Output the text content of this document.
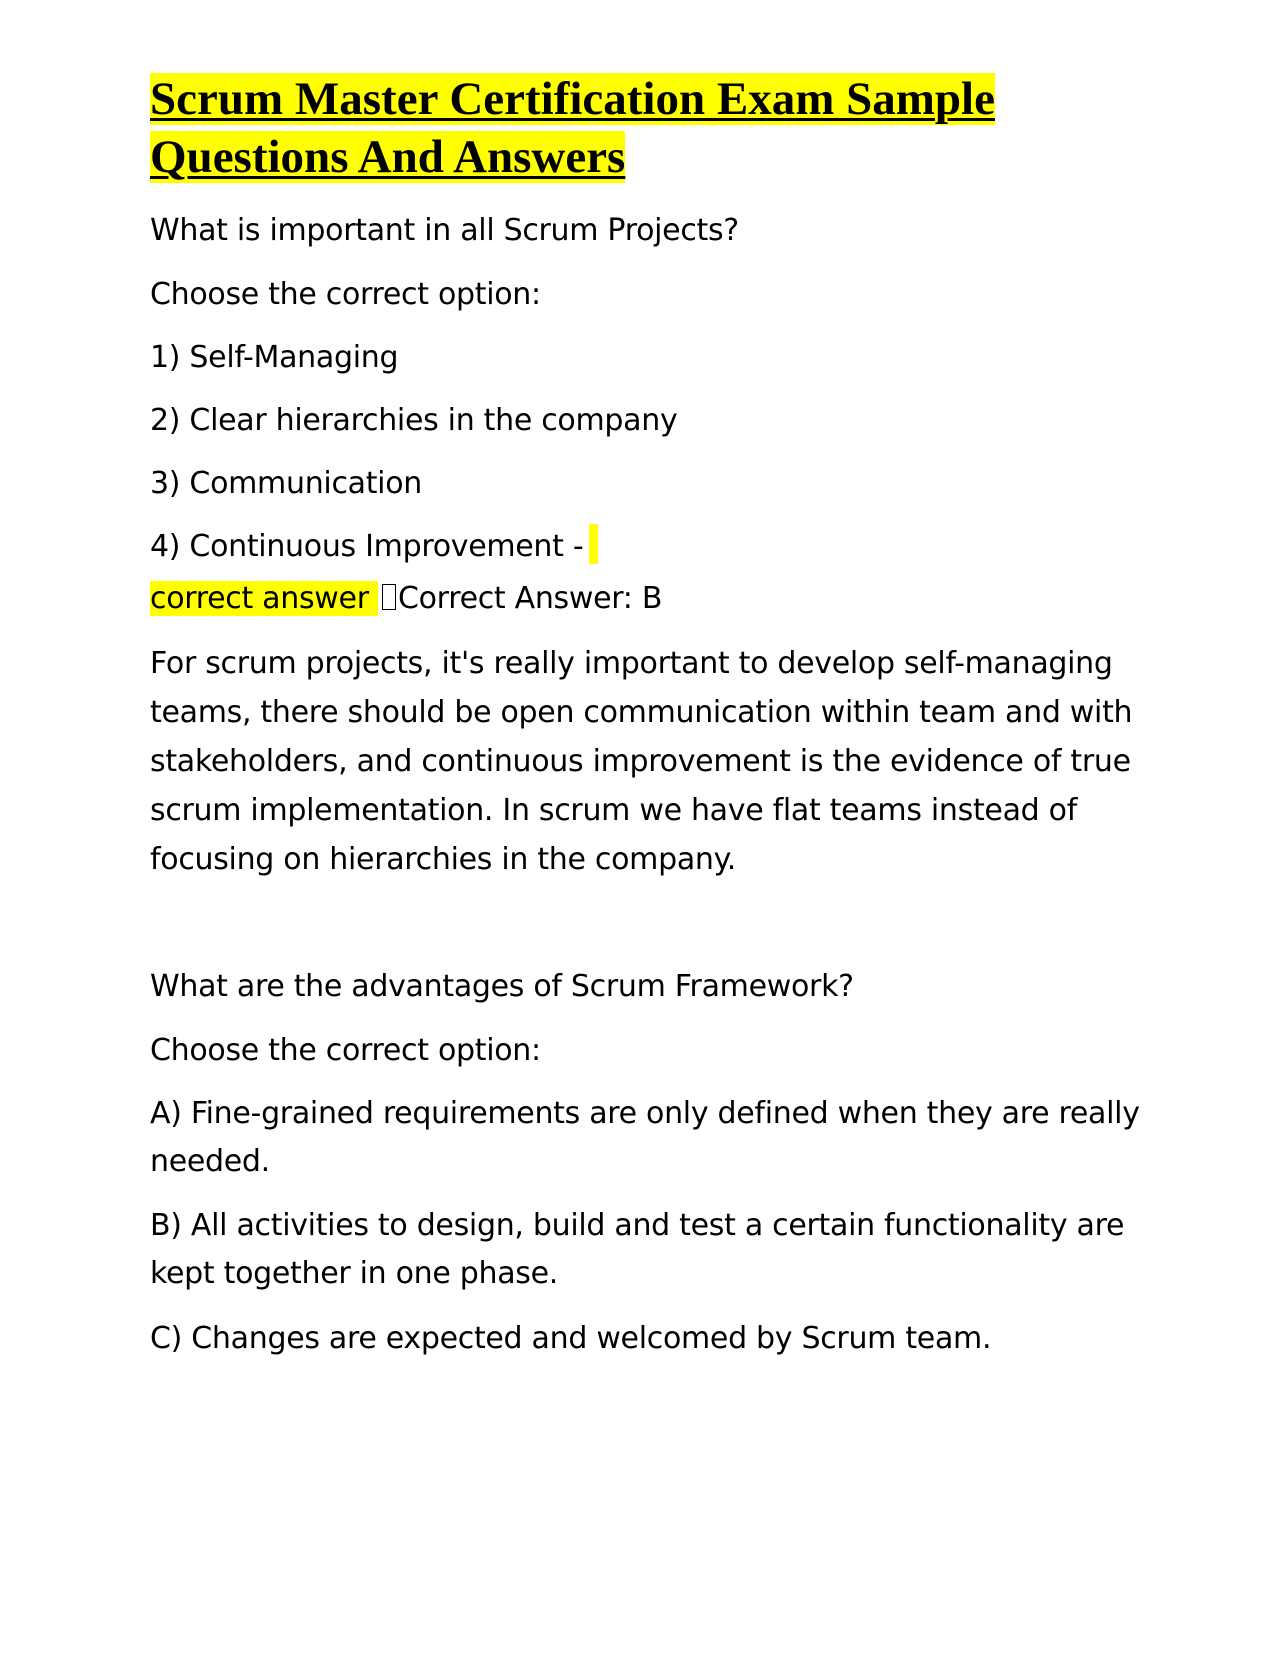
Scrum Master Certification Exam Sample
Questions And Answers

What is important in all Scrum Projects?

Choose the correct option:

1) Self-Managing

2) Clear hierarchies in the company

3) Communication

4) Continuous Improvement -

correct answer Correct Answer: B

For scrum projects, it's really important to develop self-managing teams, there should be open communication within team and with stakeholders, and continuous improvement is the evidence of true scrum implementation. In scrum we have flat teams instead of focusing on hierarchies in the company.

What are the advantages of Scrum Framework?

Choose the correct option:

A) Fine-grained requirements are only defined when they are really needed.

B) All activities to design, build and test a certain functionality are kept together in one phase.

C) Changes are expected and welcomed by Scrum team.
